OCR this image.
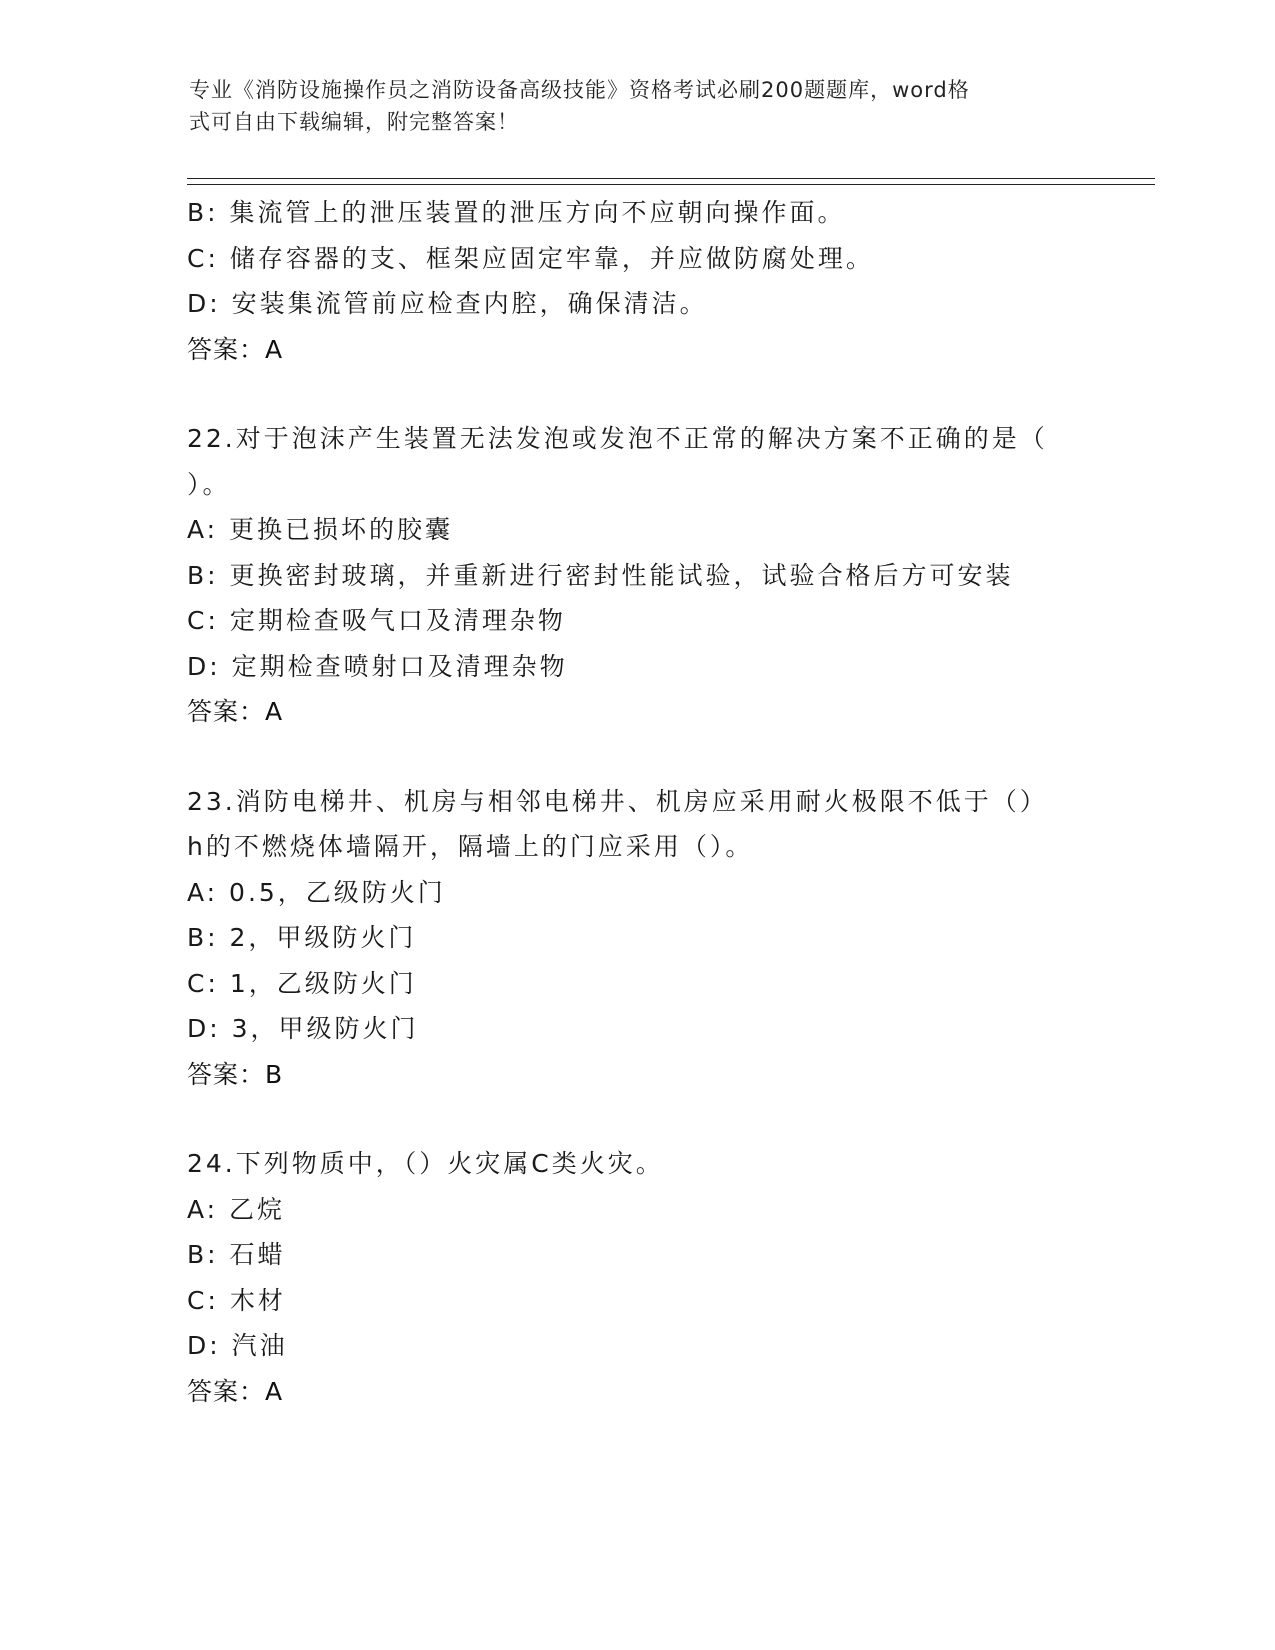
专业《消防设施操作员之消防设备高级技能》资格考试必刷200题题库，word格
式可自由下载编辑，附完整答案！
B: 集流管上的泄压装置的泄压方向不应朝向操作面。
C: 储存容器的支、框架应固定牢靠，并应做防腐处理。
D: 安装集流管前应检查内腔，确保清洁。
答案：A
22.对于泡沫产生装置无法发泡或发泡不正常的解决方案不正确的是（
）。
A: 更换已损坏的胶囊
B: 更换密封玻璃，并重新进行密封性能试验，试验合格后方可安装
C: 定期检查吸气口及清理杂物
D: 定期检查喷射口及清理杂物
答案：A
23.消防电梯井、机房与相邻电梯井、机房应采用耐火极限不低于（）
h的不燃烧体墙隔开，隔墙上的门应采用（）。
A: 0.5，乙级防火门
B: 2，甲级防火门
C: 1，乙级防火门
D: 3，甲级防火门
答案：B
24.下列物质中，（）火灾属C类火灾。
A: 乙烷
B: 石蜡
C: 木材
D: 汽油
答案：A
